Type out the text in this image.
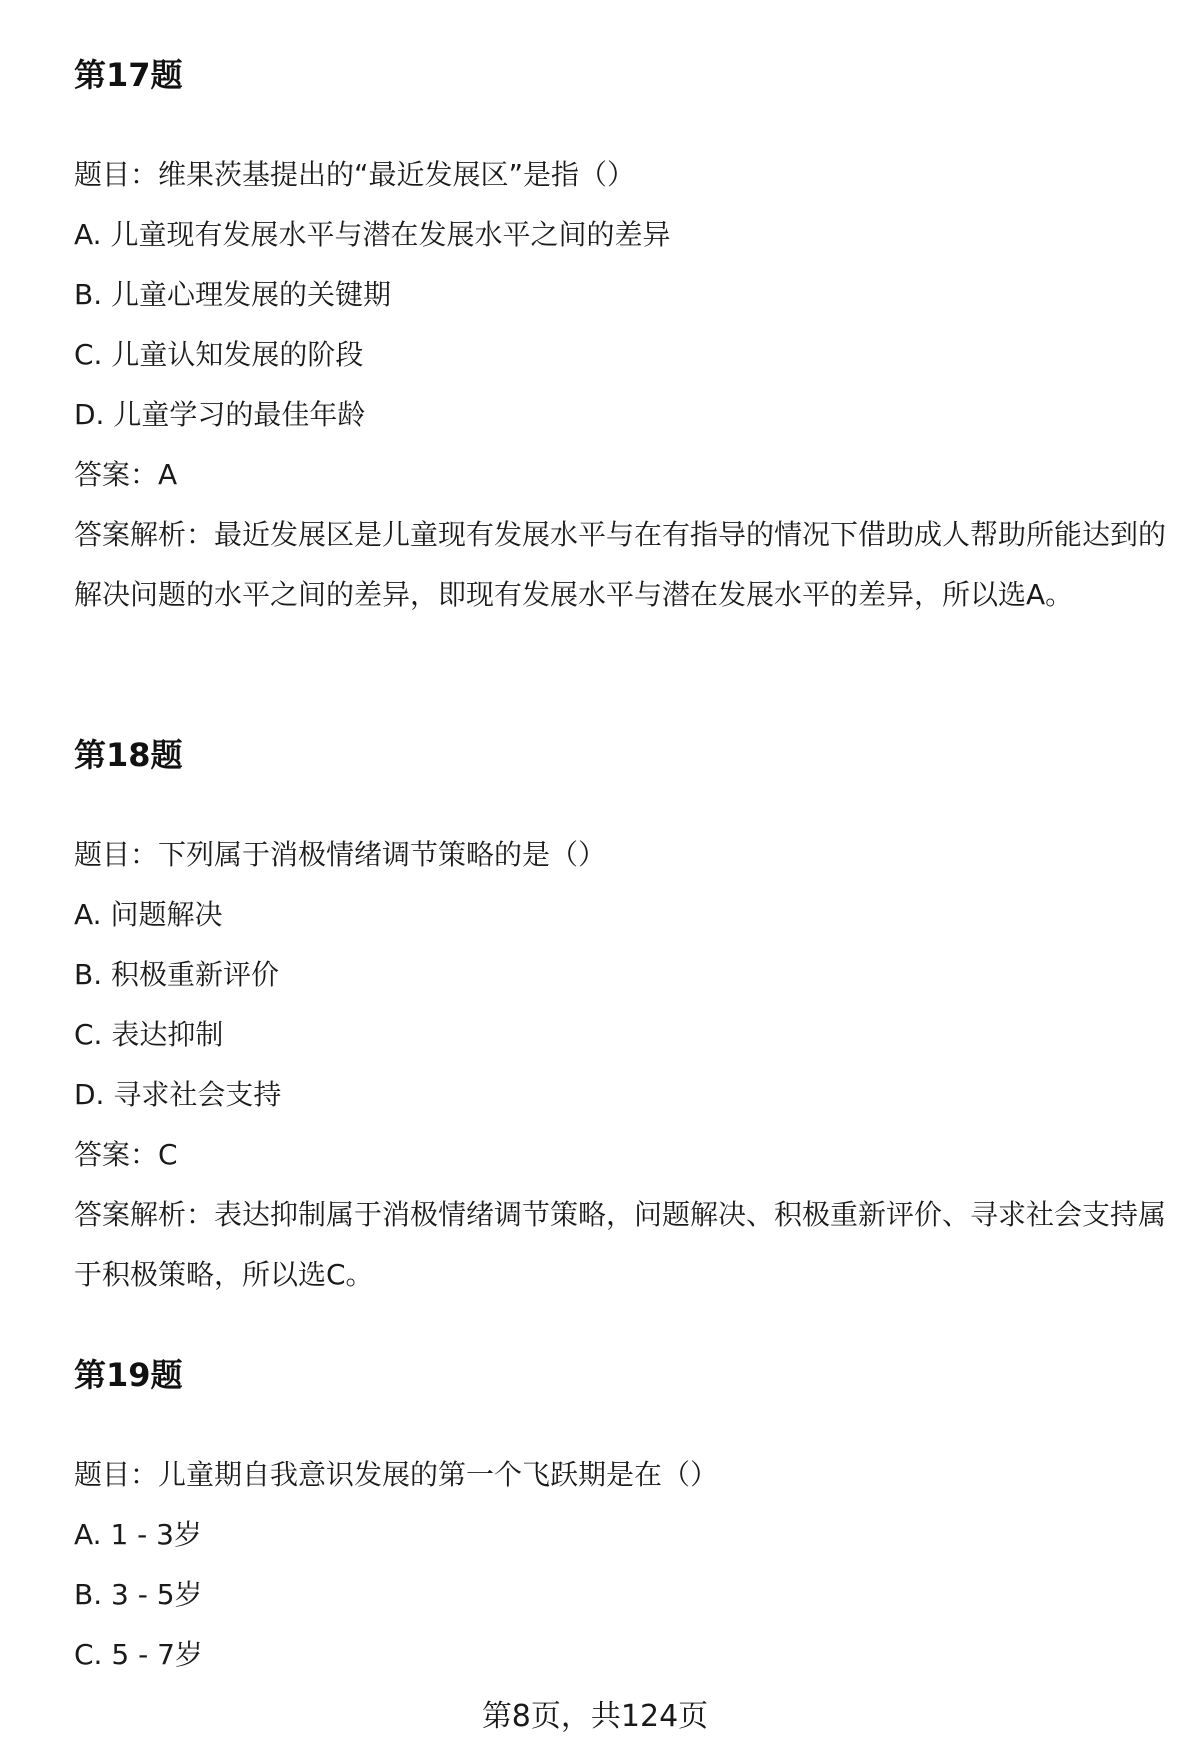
第17题

题目：维果茨基提出的“最近发展区”是指（）

A. 儿童现有发展水平与潜在发展水平之间的差异

B. 儿童心理发展的关键期

C. 儿童认知发展的阶段

D. 儿童学习的最佳年龄

答案：A

答案解析：最近发展区是儿童现有发展水平与在有指导的情况下借助成人帮助所能达到的解决问题的水平之间的差异，即现有发展水平与潜在发展水平的差异，所以选A。

第18题

题目：下列属于消极情绪调节策略的是（）

A. 问题解决

B. 积极重新评价

C. 表达抑制

D. 寻求社会支持

答案：C

答案解析：表达抑制属于消极情绪调节策略，问题解决、积极重新评价、寻求社会支持属于积极策略，所以选C。

第19题

题目：儿童期自我意识发展的第一个飞跃期是在（）

A. 1 - 3岁

B. 3 - 5岁

C. 5 - 7岁

第8页，共124页
